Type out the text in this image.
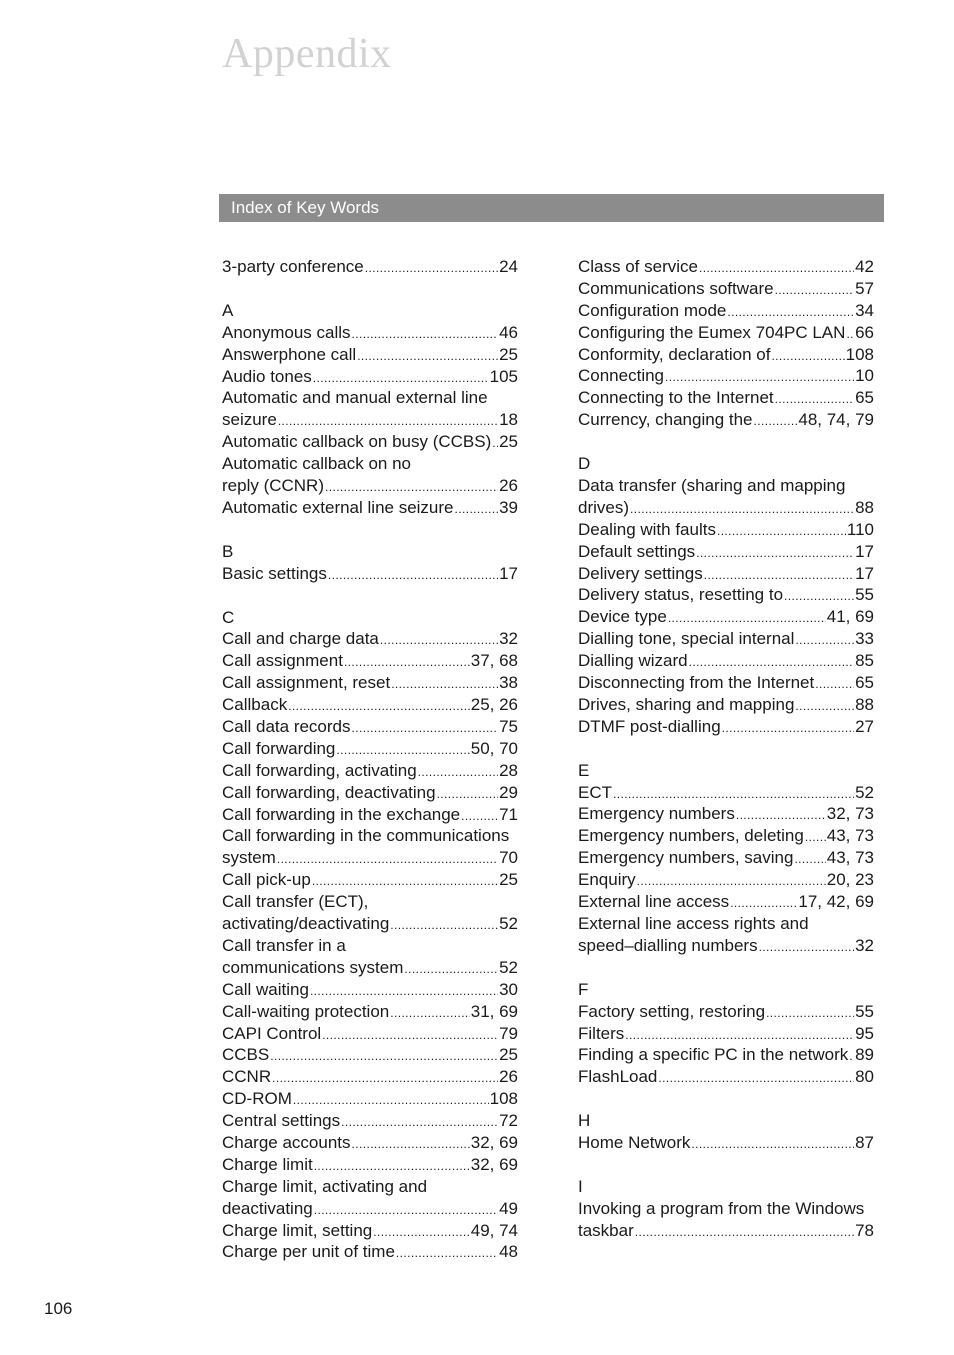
Appendix
Index of Key Words
3-party conference .....	24
A
Anonymous calls .....	46
Answerphone call .....	25
Audio tones .....	105
Automatic and manual external line
seizure .....	18
Automatic callback on busy (CCBS) ..... 25
Automatic callback on no
reply (CCNR) .....	26
Automatic external line seizure .....	39
B
Basic settings .....	17
C
Call and charge data .....	32
Call assignment .....	37, 68
Call assignment, reset .....	38
Callback .....	25, 26
Call data records .....	75
Call forwarding .....	50, 70
Call forwarding, activating .....	28
Call forwarding, deactivating .....	29
Call forwarding in the exchange ..... 71
Call forwarding in the communications
system .....	70
Call pick-up .....	25
Call transfer (ECT),
activating/deactivating .....	52
Call transfer in a
communications system .....	52
Call waiting .....	30
Call-waiting protection .....	31, 69
CAPI Control .....	79
CCBS .....	25
CCNR .....	26
CD-ROM .....	108
Central settings .....	72
Charge accounts .....	32, 69
Charge limit .....	32, 69
Charge limit, activating and
deactivating .....	49
Charge limit, setting .....	49, 74
Charge per unit of time .....	48
Class of service .....	42
Communications software .....	57
Configuration mode .....	34
Configuring the Eumex 704PC LAN ..... 66
Conformity, declaration of .....	108
Connecting .....	10
Connecting to the Internet .....	65
Currency, changing the .....	48, 74, 79
D
Data transfer (sharing and mapping
drives) .....	88
Dealing with faults .....	110
Default settings .....	17
Delivery settings .....	17
Delivery status, resetting to .....	55
Device type .....	41, 69
Dialling tone, special internal .....	33
Dialling wizard .....	85
Disconnecting from the Internet ..... 65
Drives, sharing and mapping .....	88
DTMF post-dialling .....	27
E
ECT .....	52
Emergency numbers .....	32, 73
Emergency numbers, deleting ..... 43, 73
Emergency numbers, saving ..... 43, 73
Enquiry .....	20, 23
External line access .....	17, 42, 69
External line access rights and
speed–dialling numbers .....	32
F
Factory setting, restoring .....	55
Filters .....	95
Finding a specific PC in the network ..... 89
FlashLoad .....	80
H
Home Network .....	87
I
Invoking a program from the Windows
taskbar .....	78
106
